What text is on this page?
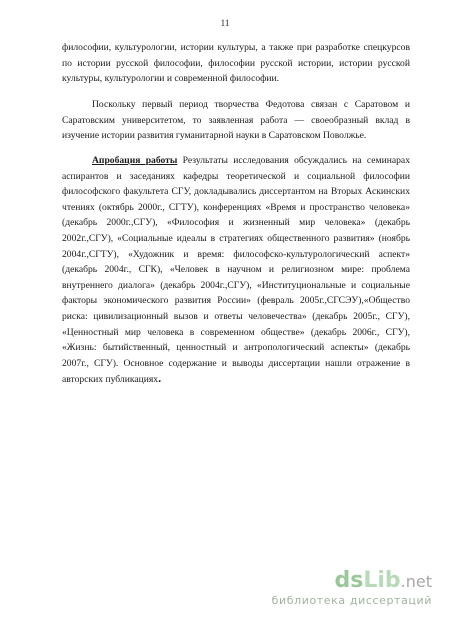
11

философии, культурологии, истории культуры, а также при разработке спецкурсов по истории русской философии, философии русской истории, истории русской культуры, культурологии и современной философии.

Поскольку первый период творчества Федотова связан с Саратовом и Саратовским университетом, то заявленная работа — своеобразный вклад в изучение истории развития гуманитарной науки в Саратовском Поволжье.

Апробация работы Результаты исследования обсуждались на семинарах аспирантов и заседаниях кафедры теоретической и социальной философии философского факультета СГУ, докладывались диссертантом на Вторых Аскинских чтениях (октябрь 2000г., СГТУ), конференциях «Время и пространство человека» (декабрь 2000г.,СГУ), «Философия и жизненный мир человека» (декабрь 2002г.,СГУ), «Социальные идеалы в стратегиях общественного развития» (ноябрь 2004г.,СГТУ), «Художник и время: философско-культурологический аспект» (декабрь 2004г., СГК), «Человек в научном и религиозном мире: проблема внутреннего диалога» (декабрь 2004г.,СГУ), «Институциональные и социальные факторы экономического развития России» (февраль 2005г.,СГСЭУ),«Общество риска: цивилизационный вызов и ответы человечества» (декабрь 2005г., СГУ), «Ценностный мир человека в современном обществе» (декабрь 2006г., СГУ), «Жизнь: бытийственный, ценностный и антропологический аспекты» (декабрь 2007г., СГУ). Основное содержание и выводы диссертации нашли отражение в авторских публикациях.

dsLib.net
библиотека диссертаций
